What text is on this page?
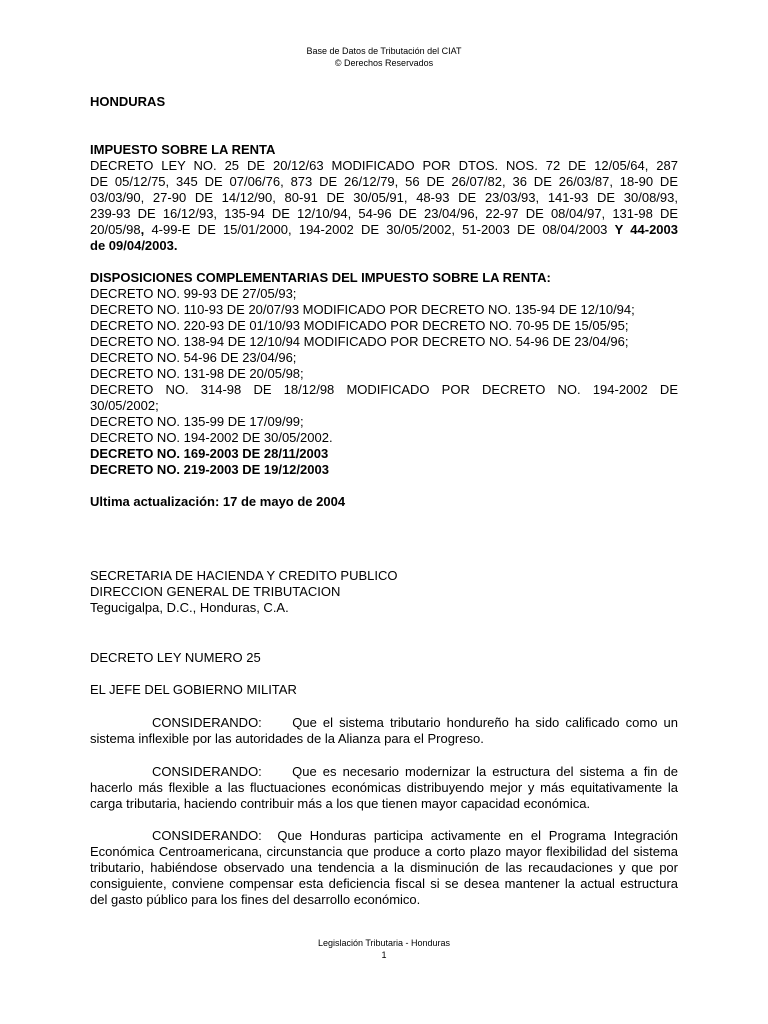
Base de Datos de Tributación del CIAT
© Derechos Reservados
HONDURAS
IMPUESTO SOBRE LA RENTA
DECRETO LEY NO. 25 DE 20/12/63 MODIFICADO POR DTOS. NOS. 72 DE 12/05/64, 287
DE 05/12/75, 345 DE 07/06/76, 873 DE 26/12/79, 56 DE 26/07/82, 36 DE 26/03/87, 18-90 DE
03/03/90, 27-90 DE 14/12/90, 80-91 DE 30/05/91, 48-93 DE 23/03/93, 141-93 DE 30/08/93,
239-93 DE 16/12/93, 135-94 DE 12/10/94, 54-96 DE 23/04/96, 22-97 DE 08/04/97, 131-98 DE
20/05/98, 4-99-E DE 15/01/2000, 194-2002 DE 30/05/2002, 51-2003 DE 08/04/2003 Y 44-2003
de 09/04/2003.
DISPOSICIONES COMPLEMENTARIAS DEL IMPUESTO SOBRE LA RENTA:
DECRETO NO. 99-93 DE 27/05/93;
DECRETO NO. 110-93 DE 20/07/93 MODIFICADO POR DECRETO NO. 135-94 DE 12/10/94;
DECRETO NO. 220-93 DE 01/10/93 MODIFICADO POR DECRETO NO. 70-95 DE 15/05/95;
DECRETO NO. 138-94 DE 12/10/94 MODIFICADO POR DECRETO NO. 54-96 DE 23/04/96;
DECRETO NO. 54-96 DE 23/04/96;
DECRETO NO. 131-98 DE 20/05/98;
DECRETO NO. 314-98 DE 18/12/98 MODIFICADO POR DECRETO NO. 194-2002 DE
30/05/2002;
DECRETO NO. 135-99 DE 17/09/99;
DECRETO NO. 194-2002 DE 30/05/2002.
DECRETO NO. 169-2003 DE 28/11/2003
DECRETO NO. 219-2003 DE 19/12/2003
Ultima actualización: 17 de mayo de 2004
SECRETARIA DE HACIENDA Y CREDITO PUBLICO
DIRECCION GENERAL DE TRIBUTACION
Tegucigalpa, D.C., Honduras, C.A.
DECRETO LEY NUMERO 25
EL JEFE DEL GOBIERNO MILITAR
CONSIDERANDO:     Que el sistema tributario hondureño ha sido calificado como un sistema inflexible por las autoridades de la Alianza para el Progreso.
CONSIDERANDO:     Que es necesario modernizar la estructura del sistema a fin de hacerlo más flexible a las fluctuaciones económicas distribuyendo mejor y más equitativamente la carga tributaria, haciendo contribuir más a los que tienen mayor capacidad económica.
CONSIDERANDO:  Que Honduras participa activamente en el Programa Integración Económica Centroamericana, circunstancia que produce a corto plazo mayor flexibilidad del sistema tributario, habiéndose observado una tendencia a la disminución de las recaudaciones y que por consiguiente, conviene compensar esta deficiencia fiscal si se desea mantener la actual estructura del gasto público para los fines del desarrollo económico.
Legislación Tributaria - Honduras
1
